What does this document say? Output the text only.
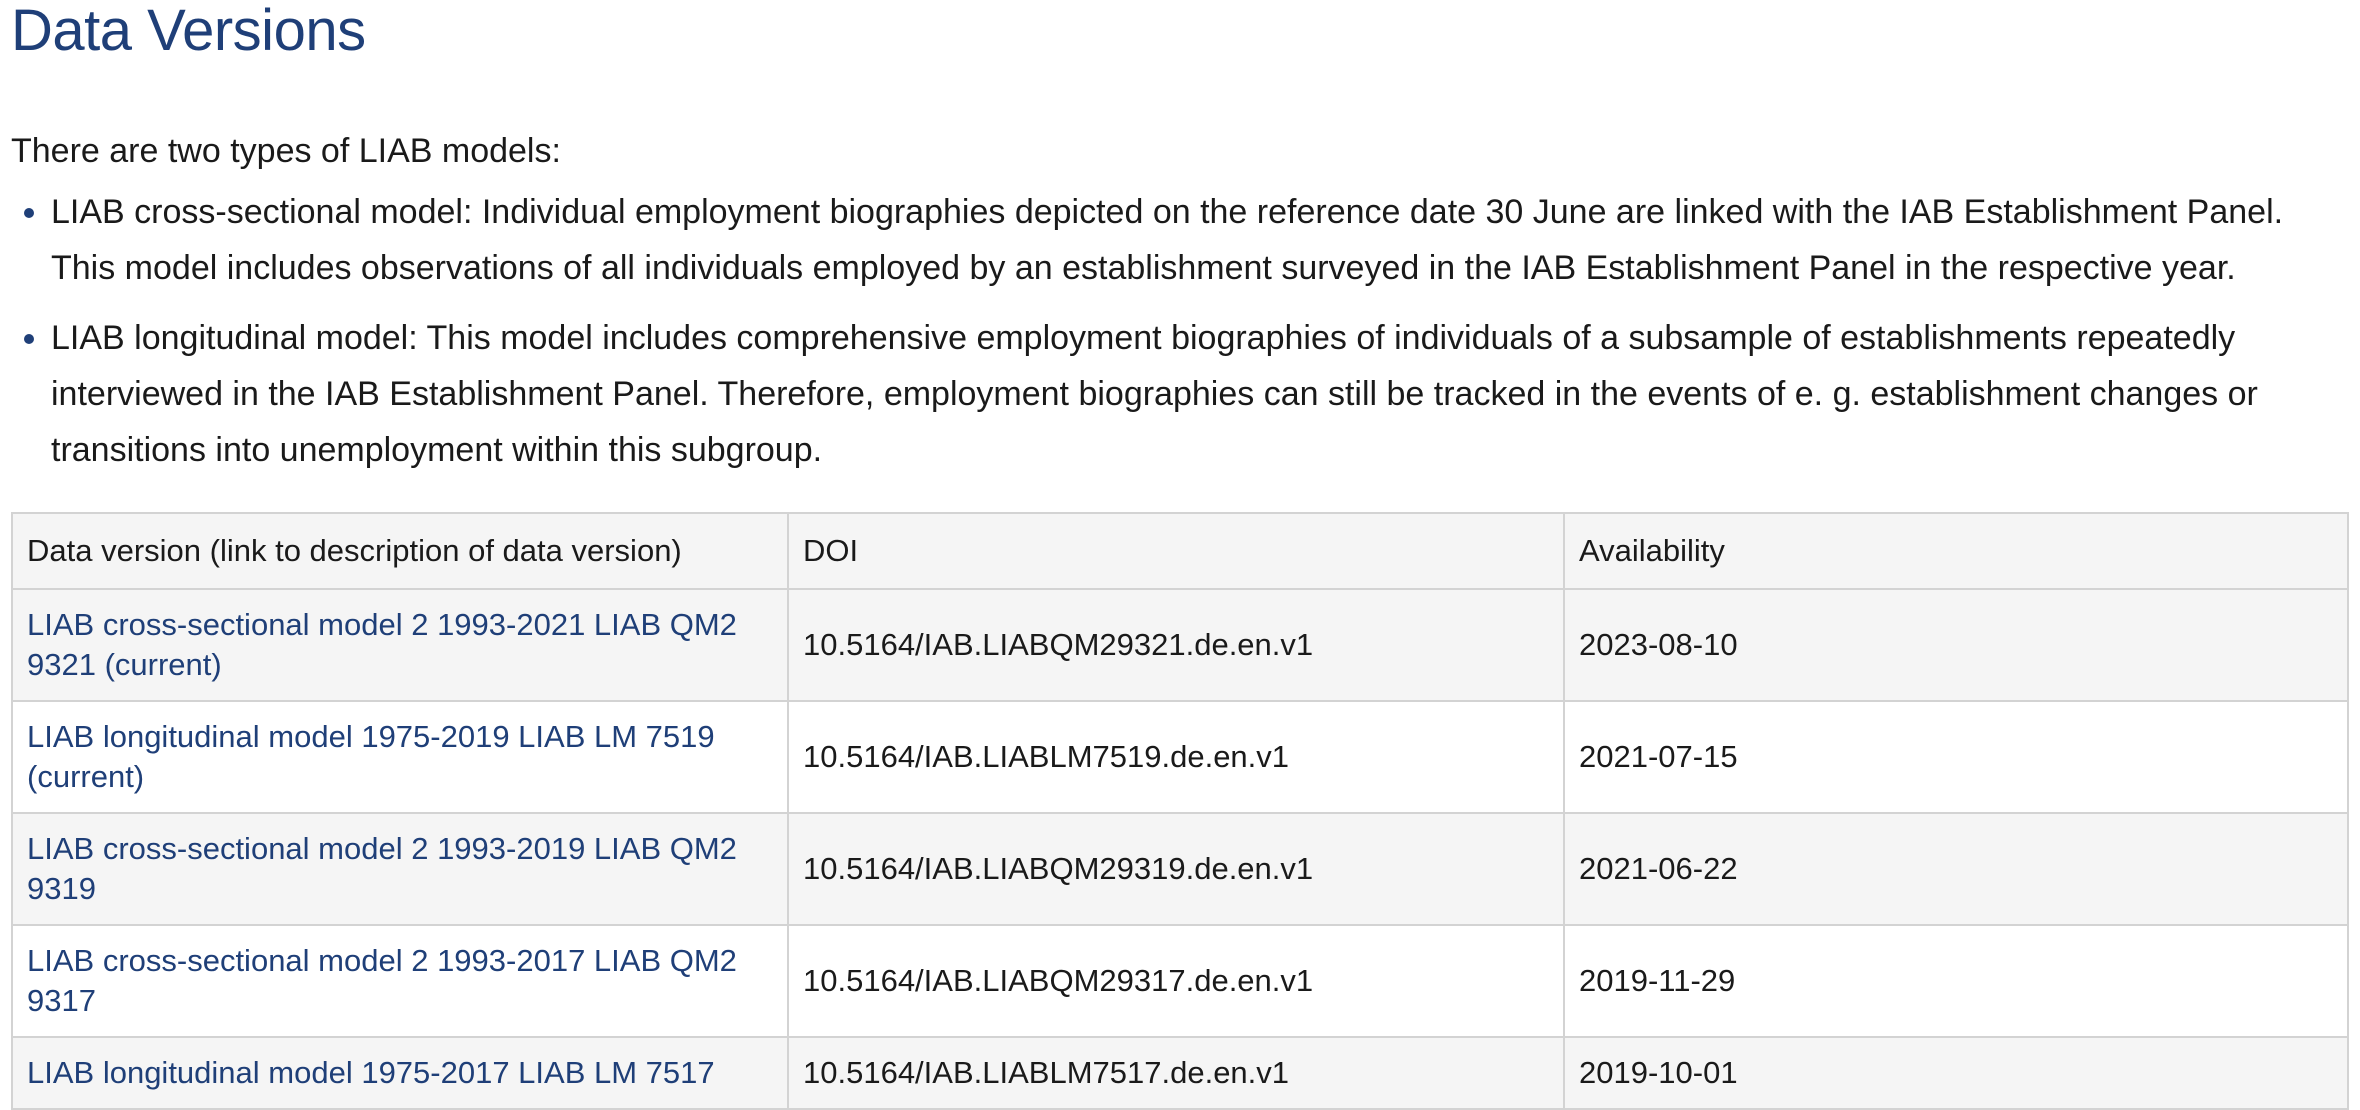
Data Versions

There are two types of LIAB models:

• LIAB cross-sectional model: Individual employment biographies depicted on the reference date 30 June are linked with the IAB Establishment Panel. This model includes observations of all individuals employed by an establishment surveyed in the IAB Establishment Panel in the respective year.
• LIAB longitudinal model: This model includes comprehensive employment biographies of individuals of a subsample of establishments repeatedly interviewed in the IAB Establishment Panel. Therefore, employment biographies can still be tracked in the events of e. g. establishment changes or transitions into unemployment within this subgroup.
Data version (link to description of data version)	DOI	Availability
LIAB cross-sectional model 2 1993-2021 LIAB QM2 9321 (current)	10.5164/IAB.LIABQM29321.de.en.v1	2023-08-10
LIAB longitudinal model 1975-2019 LIAB LM 7519 (current)	10.5164/IAB.LIABLM7519.de.en.v1	2021-07-15
LIAB cross-sectional model 2 1993-2019 LIAB QM2 9319	10.5164/IAB.LIABQM29319.de.en.v1	2021-06-22
LIAB cross-sectional model 2 1993-2017 LIAB QM2 9317	10.5164/IAB.LIABQM29317.de.en.v1	2019-11-29
LIAB longitudinal model 1975-2017 LIAB LM 7517	10.5164/IAB.LIABLM7517.de.en.v1	2019-10-01
